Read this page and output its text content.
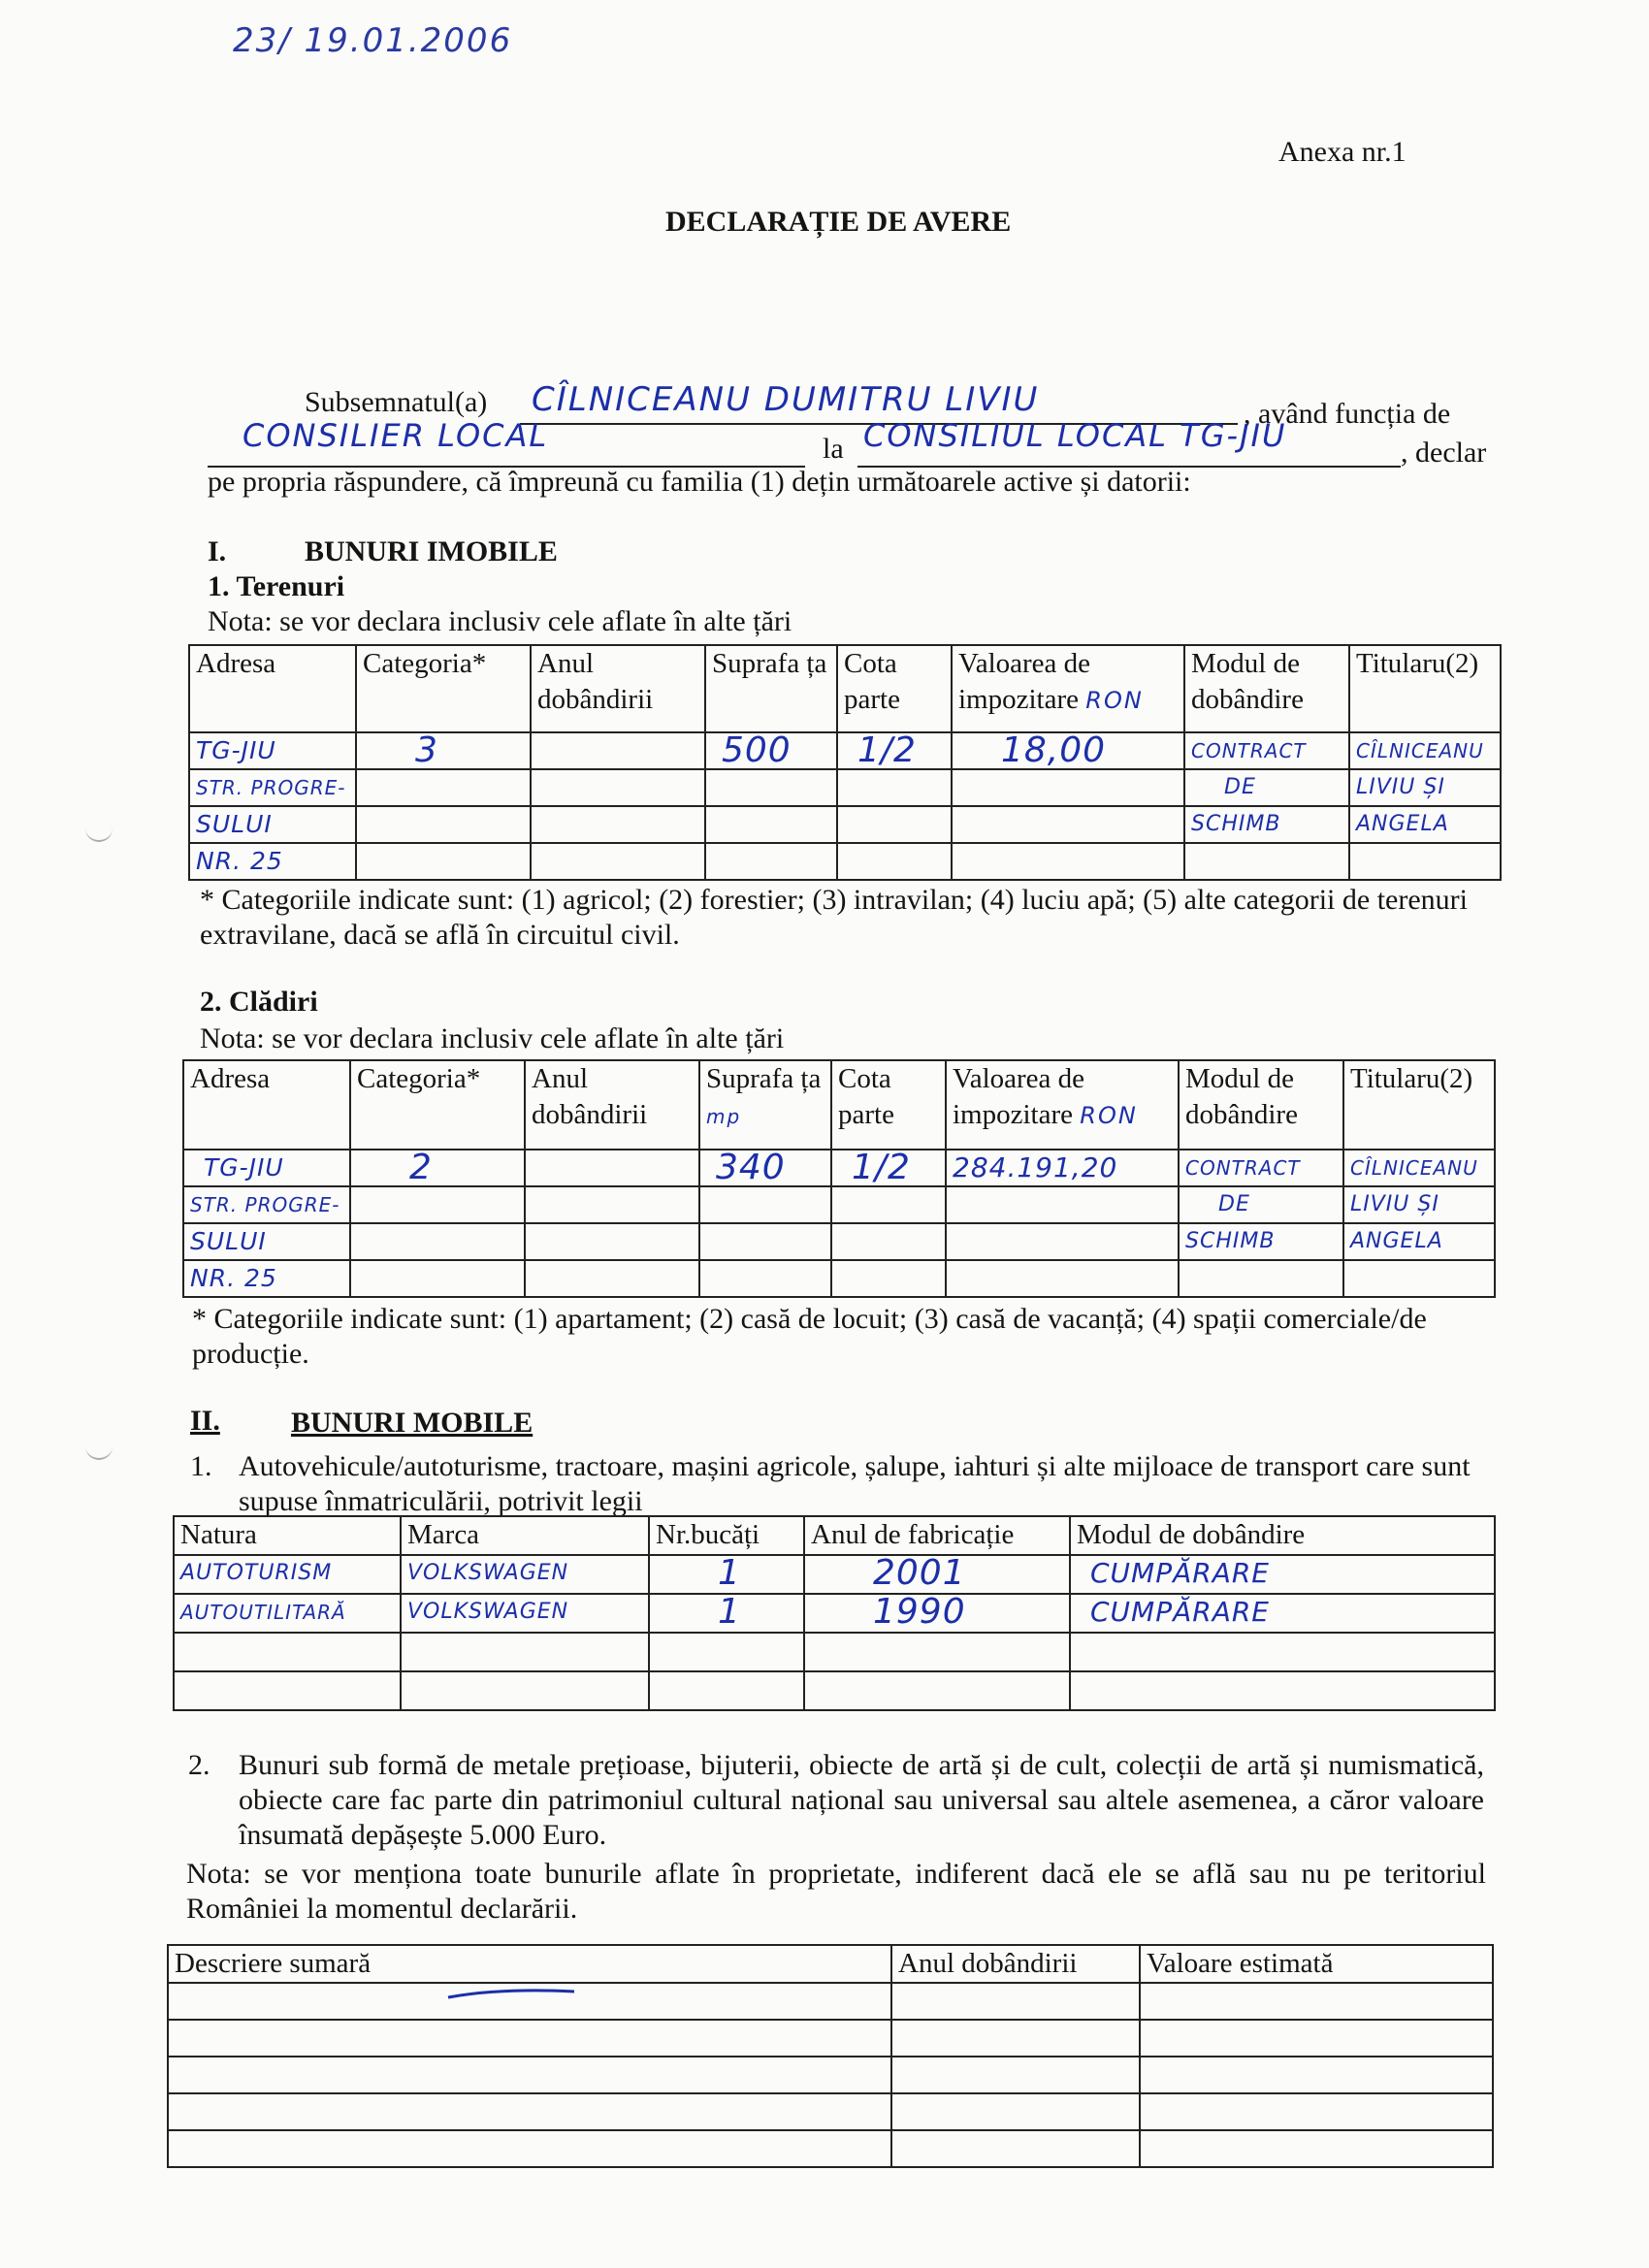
23/ 19.01.2006
Anexa nr.1
DECLARAȚIE DE AVERE
Subsemnatul(a) CÎLNICEANU DUMITRU LIVIU	, având funcția de
CONSILIER LOCAL	la CONSILIUL LOCAL TG-JIU	, declar
pe propria răspundere, că împreună cu familia (1) dețin următoarele active și datorii:
I.	BUNURI IMOBILE
1. Terenuri
Nota: se vor declara inclusiv cele aflate în alte țări
Adresa	Categoria*	Anul dobândirii	Suprafa ța	Cota parte	Valoarea de impozitare RON	Modul de dobândire	Titularu(2)
TG-JIU	3		500	1/2	18,00	CONTRACT	CÎLNICEANU
STR. PROGRE-						DE	LIVIU ȘI
SULUI						SCHIMB	ANGELA
NR. 25							
* Categoriile indicate sunt: (1) agricol; (2) forestier; (3) intravilan; (4) luciu apă; (5) alte categorii de terenuri extravilane, dacă se află în circuitul civil.
2. Clădiri
Nota: se vor declara inclusiv cele aflate în alte țări
Adresa	Categoria*	Anul dobândirii	Suprafa ța mp	Cota parte	Valoarea de impozitare RON	Modul de dobândire	Titularu(2)
TG-JIU	2		340	1/2	284.191,20	CONTRACT	CÎLNICEANU
STR. PROGRE-						DE	LIVIU ȘI
SULUI						SCHIMB	ANGELA
NR. 25							
* Categoriile indicate sunt: (1) apartament; (2) casă de locuit; (3) casă de vacanță; (4) spații comerciale/de producție.
II. BUNURI MOBILE
1. Autovehicule/autoturisme, tractoare, mașini agricole, șalupe, iahturi și alte mijloace de transport care sunt supuse înmatriculării, potrivit legii
Natura	Marca	Nr.bucăți	Anul de fabricație	Modul de dobândire
AUTOTURISM	VOLKSWAGEN	1	2001	CUMPĂRARE
AUTOUTILITARĂ	VOLKSWAGEN	1	1990	CUMPĂRARE

2. Bunuri sub formă de metale prețioase, bijuterii, obiecte de artă și de cult, colecții de artă și numismatică, obiecte care fac parte din patrimoniul cultural național sau universal sau altele asemenea, a căror valoare însumată depășește 5.000 Euro.
Nota: se vor menționa toate bunurile aflate în proprietate, indiferent dacă ele se află sau nu pe teritoriul României la momentul declarării.
Descriere sumară	Anul dobândirii	Valoare estimată
